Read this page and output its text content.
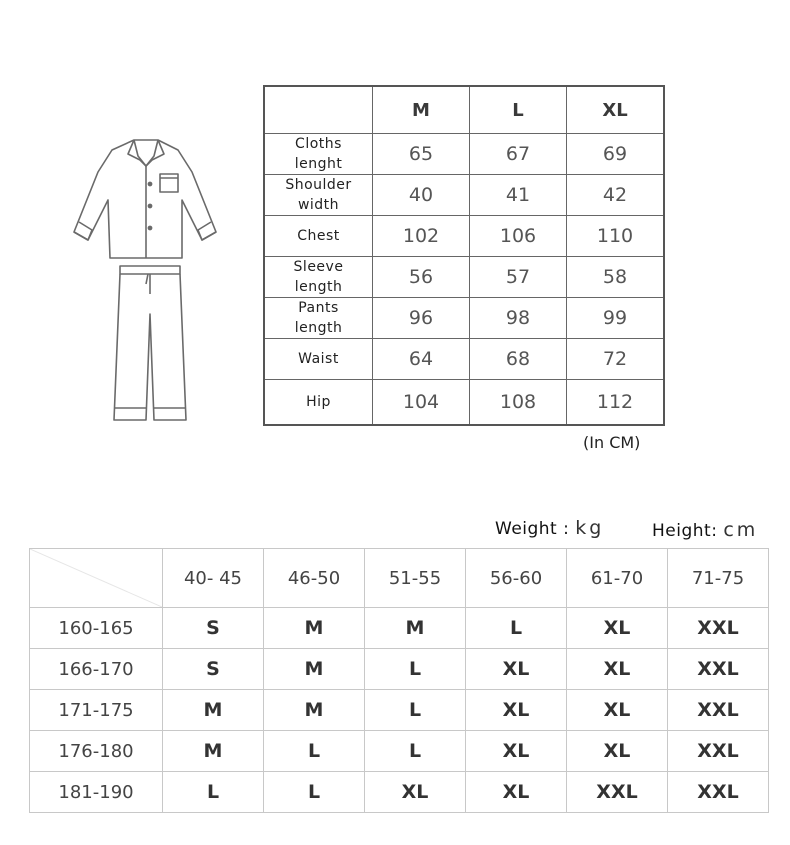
	M	L	XL
Cloths
lenght	65	67	69
Shoulder
width	40	41	42
Chest	102	106	110
Sleeve
length	56	57	58
Pants
length	96	98	99
Waist	64	68	72
Hip	104	108	112
(In CM)
Weight : kg	Height: cm
	40- 45	46-50	51-55	56-60	61-70	71-75
160-165	S	M	M	L	XL	XXL
166-170	S	M	L	XL	XL	XXL
171-175	M	M	L	XL	XL	XXL
176-180	M	L	L	XL	XL	XXL
181-190	L	L	XL	XL	XXL	XXL
